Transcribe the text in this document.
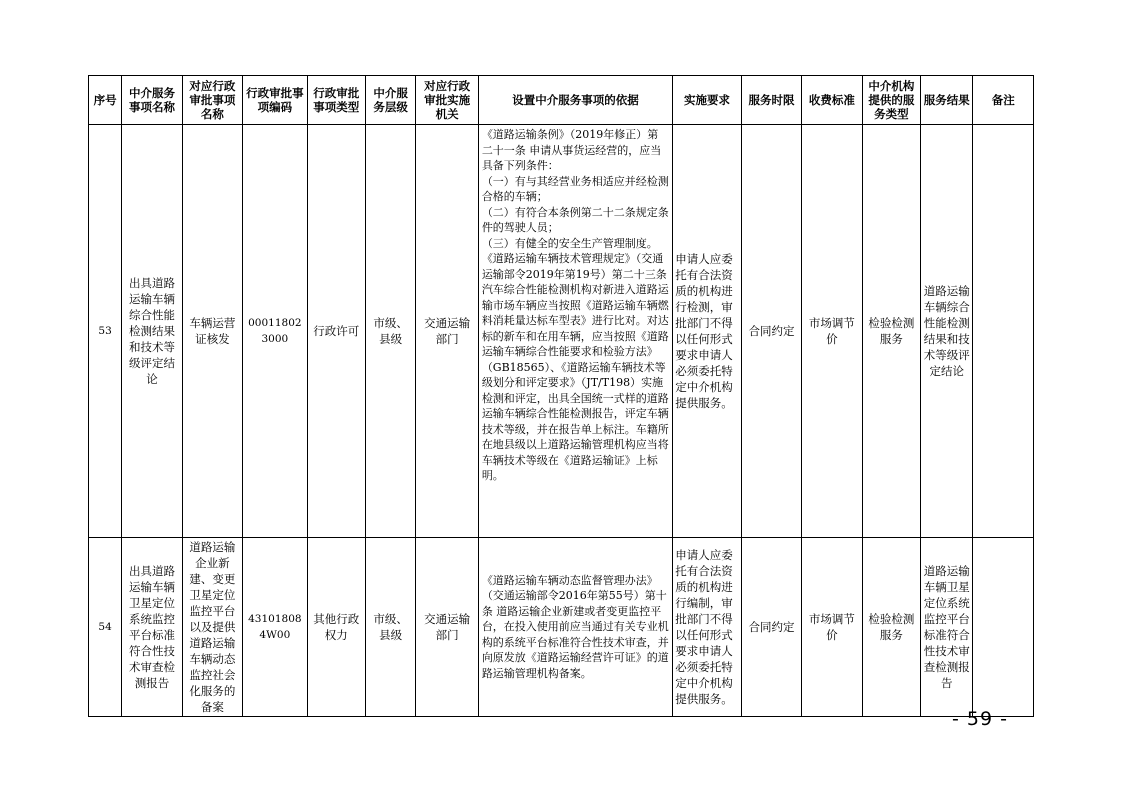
序号	中介服务事项名称	对应行政审批事项名称	行政审批事项编码	行政审批事项类型	中介服务层级	对应行政审批实施机关	设置中介服务事项的依据	实施要求	服务时限	收费标准	中介机构提供的服务类型	服务结果	备注
53	出具道路运输车辆综合性能检测结果和技术等级评定结论	车辆运营证核发	000118023000	行政许可	市级、县级	交通运输部门	《道路运输条例》（2019年修正）第二十一条 申请从事货运经营的，应当具备下列条件：
（一）有与其经营业务相适应并经检测合格的车辆；
（二）有符合本条例第二十二条规定条件的驾驶人员；
（三）有健全的安全生产管理制度。
《道路运输车辆技术管理规定》（交通运输部令2019年第19号）第二十三条 汽车综合性能检测机构对新进入道路运输市场车辆应当按照《道路运输车辆燃料消耗量达标车型表》进行比对。对达标的新车和在用车辆，应当按照《道路运输车辆综合性能要求和检验方法》（GB18565）、《道路运输车辆技术等级划分和评定要求》（JT/T198）实施检测和评定，出具全国统一式样的道路运输车辆综合性能检测报告，评定车辆技术等级，并在报告单上标注。车籍所在地县级以上道路运输管理机构应当将车辆技术等级在《道路运输证》上标明。	申请人应委托有合法资质的机构进行检测，审批部门不得以任何形式要求申请人必须委托特定中介机构提供服务。	合同约定	市场调节价	检验检测服务	道路运输车辆综合性能检测结果和技术等级评定结论	
54	出具道路运输车辆卫星定位系统监控平台标准符合性技术审查检测报告	道路运输企业新建、变更卫星定位监控平台以及提供道路运输车辆动态监控社会化服务的备案	431018084W00	其他行政权力	市级、县级	交通运输部门	《道路运输车辆动态监督管理办法》（交通运输部令2016年第55号）第十条 道路运输企业新建或者变更监控平台，在投入使用前应当通过有关专业机构的系统平台标准符合性技术审查，并向原发放《道路运输经营许可证》的道路运输管理机构备案。	申请人应委托有合法资质的机构进行编制，审批部门不得以任何形式要求申请人必须委托特定中介机构提供服务。	合同约定	市场调节价	检验检测服务	道路运输车辆卫星定位系统监控平台标准符合性技术审查检测报告	
- 59 -
